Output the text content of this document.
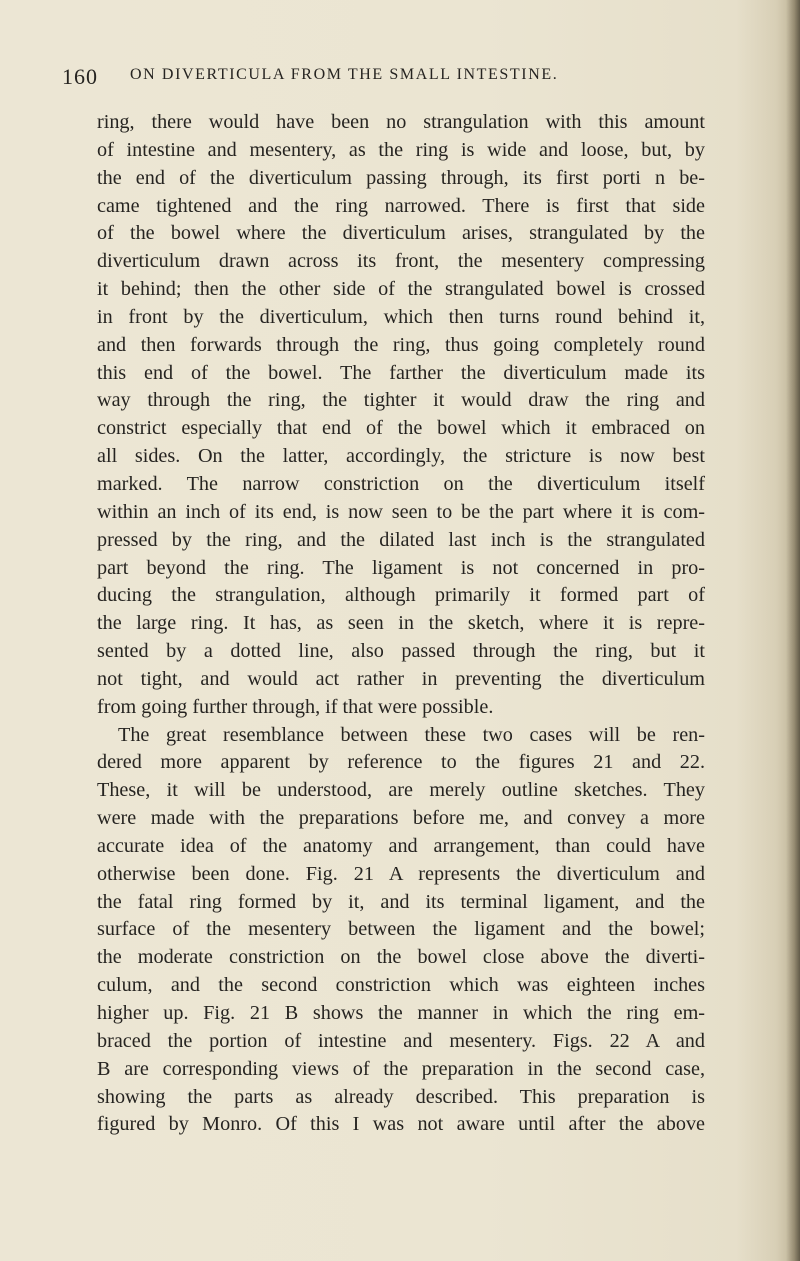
160 ON DIVERTICULA FROM THE SMALL INTESTINE.
ring, there would have been no strangulation with this amount
of intestine and mesentery, as the ring is wide and loose, but, by
the end of the diverticulum passing through, its first porti n be-
came tightened and the ring narrowed. There is first that side
of the bowel where the diverticulum arises, strangulated by the
diverticulum drawn across its front, the mesentery compressing
it behind; then the other side of the strangulated bowel is crossed
in front by the diverticulum, which then turns round behind it,
and then forwards through the ring, thus going completely round
this end of the bowel. The farther the diverticulum made its
way through the ring, the tighter it would draw the ring and
constrict especially that end of the bowel which it embraced on
all sides. On the latter, accordingly, the stricture is now best
marked. The narrow constriction on the diverticulum itself
within an inch of its end, is now seen to be the part where it is com-
pressed by the ring, and the dilated last inch is the strangulated
part beyond the ring. The ligament is not concerned in pro-
ducing the strangulation, although primarily it formed part of
the large ring. It has, as seen in the sketch, where it is repre-
sented by a dotted line, also passed through the ring, but it
not tight, and would act rather in preventing the diverticulum
from going further through, if that were possible.
The great resemblance between these two cases will be ren-
dered more apparent by reference to the figures 21 and 22.
These, it will be understood, are merely outline sketches. They
were made with the preparations before me, and convey a more
accurate idea of the anatomy and arrangement, than could have
otherwise been done. Fig. 21 A represents the diverticulum and
the fatal ring formed by it, and its terminal ligament, and the
surface of the mesentery between the ligament and the bowel;
the moderate constriction on the bowel close above the diverti-
culum, and the second constriction which was eighteen inches
higher up. Fig. 21 B shows the manner in which the ring em-
braced the portion of intestine and mesentery. Figs. 22 A and
B are corresponding views of the preparation in the second case,
showing the parts as already described. This preparation is
figured by Monro. Of this I was not aware until after the above
